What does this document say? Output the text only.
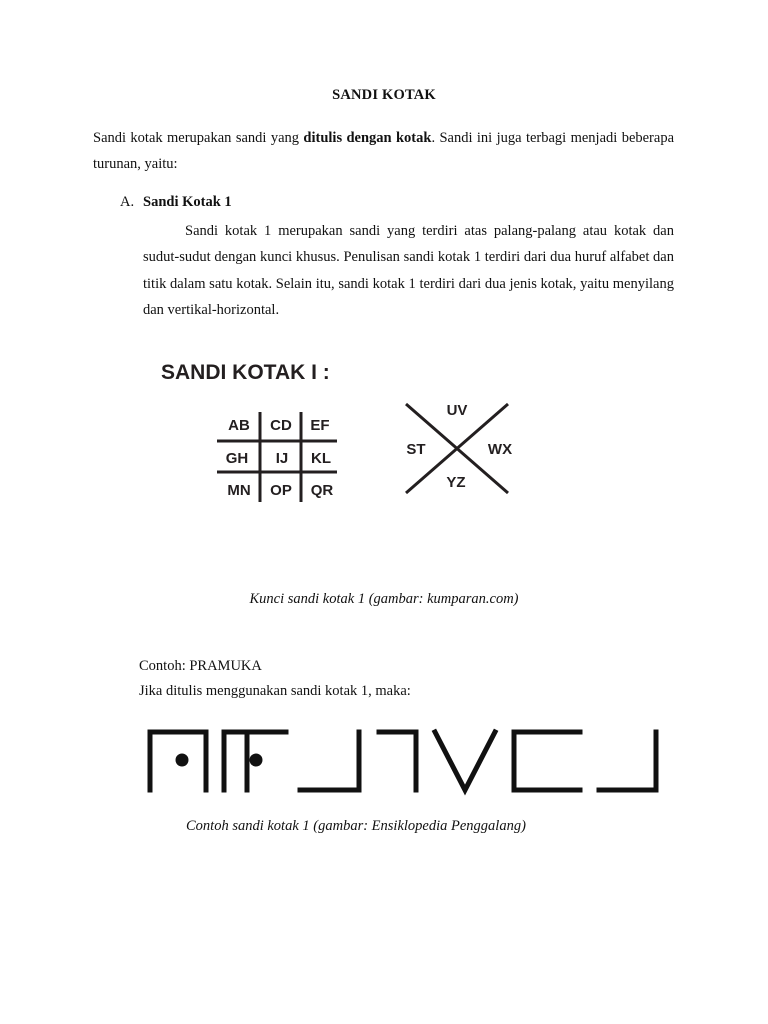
SANDI KOTAK

Sandi kotak merupakan sandi yang ditulis dengan kotak. Sandi ini juga terbagi menjadi beberapa turunan, yaitu:

A. Sandi Kotak 1

Sandi kotak 1 merupakan sandi yang terdiri atas palang-palang atau kotak dan sudut-sudut dengan kunci khusus. Penulisan sandi kotak 1 terdiri dari dua huruf alfabet dan titik dalam satu kotak. Selain itu, sandi kotak 1 terdiri dari dua jenis kotak, yaitu menyilang dan vertikal-horizontal.

SANDI KOTAK I :
AB CD EF
GH IJ KL
MN OP QR
UV
ST	WX
YZ
Kunci sandi kotak 1 (gambar: kumparan.com)
Contoh: PRAMUKA
Jika ditulis menggunakan sandi kotak 1, maka:
Contoh sandi kotak 1 (gambar: Ensiklopedia Penggalang)
